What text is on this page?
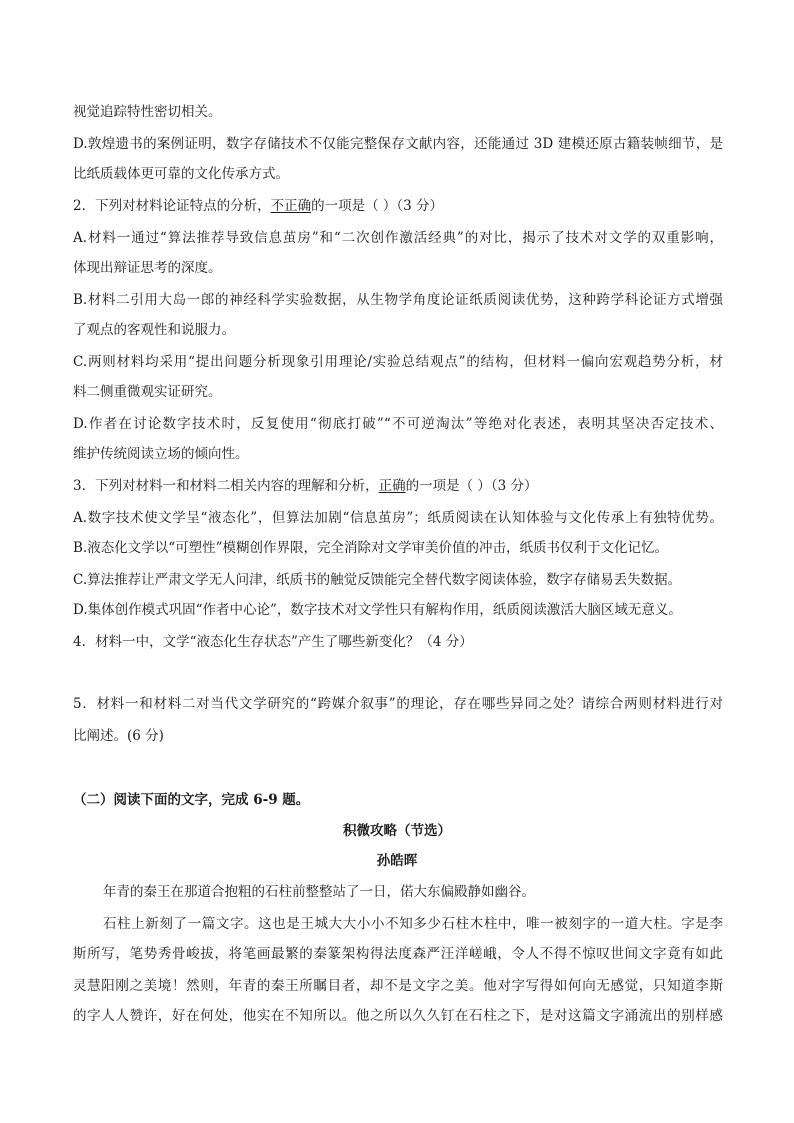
视觉追踪特性密切相关。
D.敦煌遗书的案例证明，数字存储技术不仅能完整保存文献内容，还能通过 3D 建模还原古籍装帧细节，是
比纸质载体更可靠的文化传承方式。
2．下列对材料论证特点的分析，不正确的一项是（ ）（3 分）
A.材料一通过“算法推荐导致信息茧房”和“二次创作激活经典”的对比，揭示了技术对文学的双重影响，
体现出辩证思考的深度。
B.材料二引用大岛一郎的神经科学实验数据，从生物学角度论证纸质阅读优势，这种跨学科论证方式增强
了观点的客观性和说服力。
C.两则材料均采用“提出问题分析现象引用理论/实验总结观点”的结构，但材料一偏向宏观趋势分析，材
料二侧重微观实证研究。
D.作者在讨论数字技术时，反复使用“彻底打破”“不可逆淘汰”等绝对化表述，表明其坚决否定技术、
维护传统阅读立场的倾向性。
3．下列对材料一和材料二相关内容的理解和分析，正确的一项是（ ）（3 分）
A.数字技术使文学呈“液态化”，但算法加剧“信息茧房”；纸质阅读在认知体验与文化传承上有独特优势。
B.液态化文学以“可塑性”模糊创作界限，完全消除对文学审美价值的冲击，纸质书仅利于文化记忆。
C.算法推荐让严肃文学无人问津，纸质书的触觉反馈能完全替代数字阅读体验，数字存储易丢失数据。
D.集体创作模式巩固“作者中心论”，数字技术对文学性只有解构作用，纸质阅读激活大脑区域无意义。
4．材料一中，文学“液态化生存状态”产生了哪些新变化？（4 分）
5．材料一和材料二对当代文学研究的“跨媒介叙事”的理论，存在哪些异同之处？请综合两则材料进行对
比阐述。(6 分)
（二）阅读下面的文字，完成 6-9 题。
积微攻略（节选）
孙皓晖
年青的秦王在那道合抱粗的石柱前整整站了一日，偌大东偏殿静如幽谷。
石柱上新刻了一篇文字。这也是王城大大小小不知多少石柱木柱中，唯一被刻字的一道大柱。字是李
斯所写，笔势秀骨峻拔，将笔画最繁的秦篆架构得法度森严汪洋嵯峨，令人不得不惊叹世间文字竟有如此
灵慧阳刚之美境！然则，年青的秦王所瞩目者，却不是文字之美。他对字写得如何向无感觉，只知道李斯
的字人人赞许，好在何处，他实在不知所以。他之所以久久钉在石柱之下，是对这篇文字涌流出的别样感
